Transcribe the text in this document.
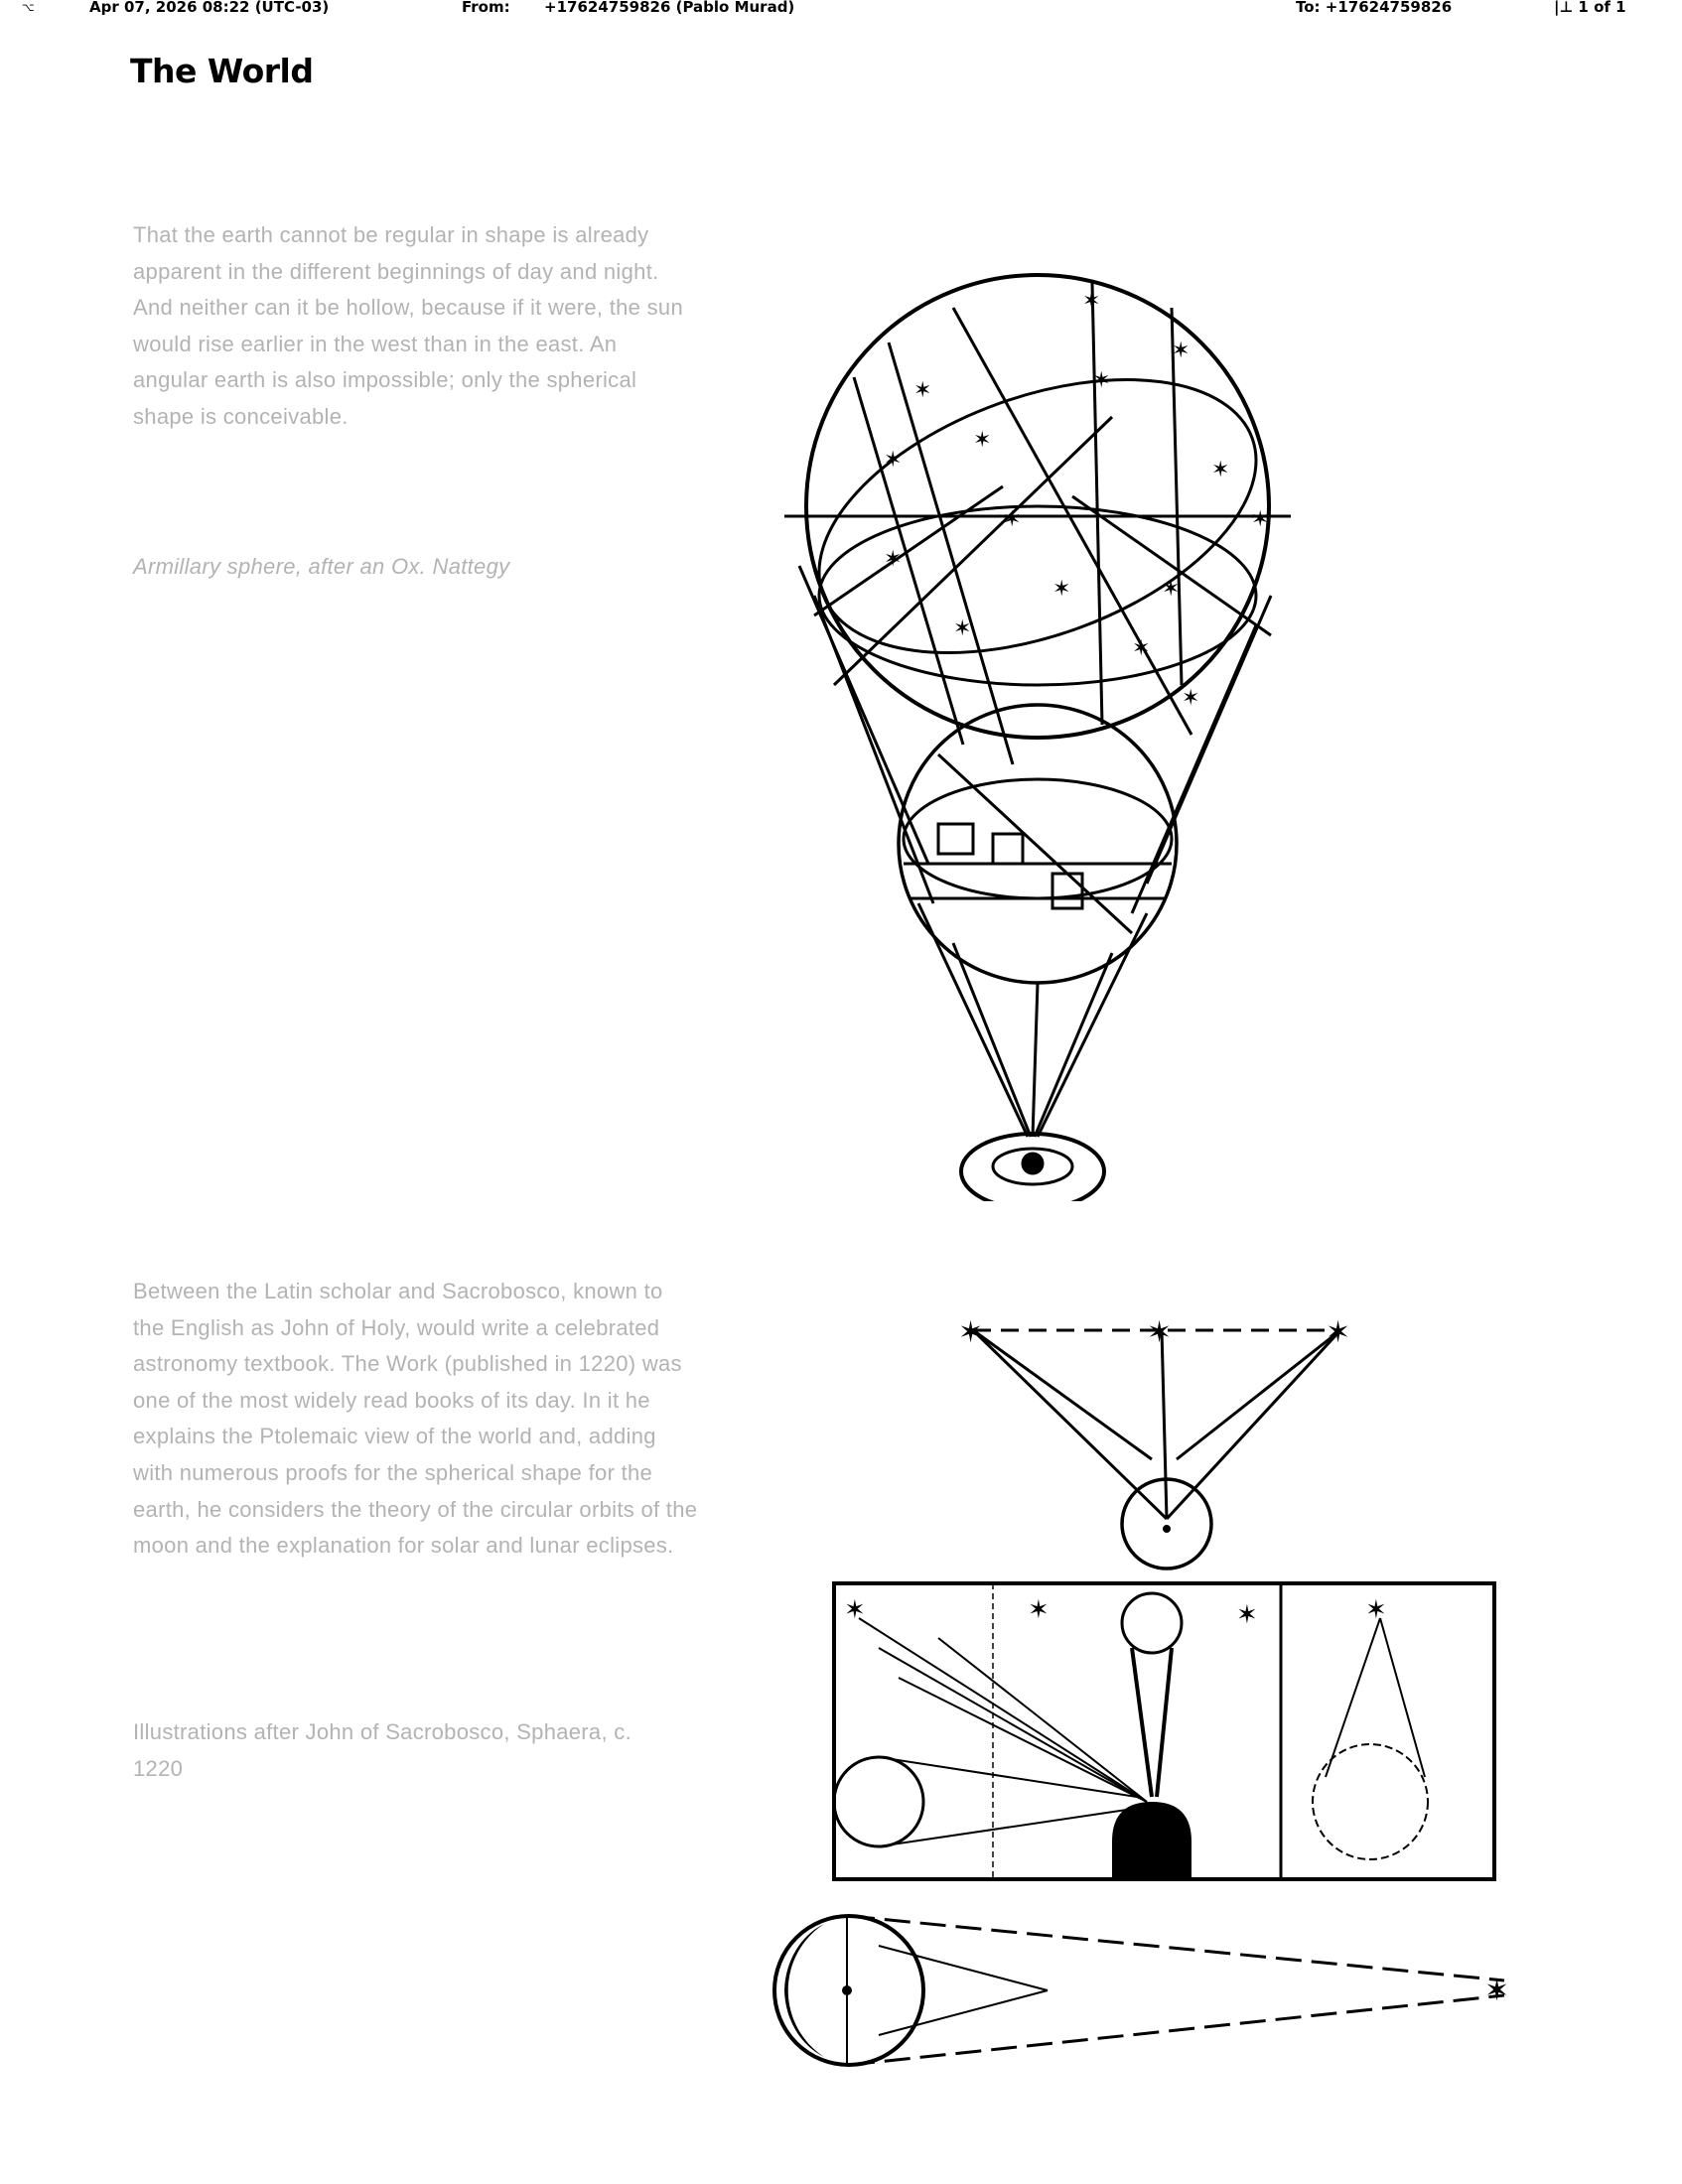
⌥	Apr 07, 2026 08:22 (UTC-03)	From: +17624759826 (Pablo Murad)	To: +17624759826	|⊥ 1 of 1
The World

That the earth cannot be regular in shape is already apparent in the different beginnings of day and night. And neither can it be hollow, because if it were, the sun would rise earlier in the west than in the east. An angular earth is also impossible; only the spherical shape is conceivable.

Armillary sphere, after an Ox. Nattegy

Between the Latin scholar and Sacrobosco, known to the English as John of Holy, would write a celebrated astronomy textbook. The Work (published in 1220) was one of the most widely read books of its day. In it he explains the Ptolemaic view of the world and, adding with numerous proofs for the spherical shape for the earth, he considers the theory of the circular orbits of the moon and the explanation for solar and lunar eclipses.

Illustrations after John of Sacrobosco, Sphaera, c. 1220

✶
✶
✶
✶
✶	✶
✶
✶
✶
✶
✶
✶
✶
✶
✶
✶	✶	✶
✶	✶	✶	✶
✶
